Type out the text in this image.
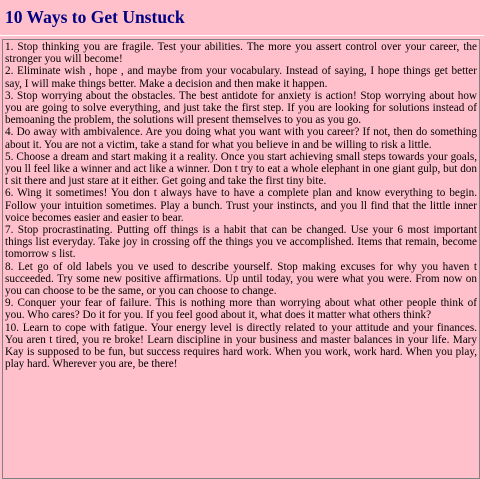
10 Ways to Get Unstuck

1. Stop thinking you are fragile. Test your abilities. The more you assert control over your career, the stronger you will become!

2. Eliminate wish , hope , and maybe from your vocabulary. Instead of saying, I hope things get better say, I will make things better. Make a decision and then make it happen.

3. Stop worrying about the obstacles. The best antidote for anxiety is action! Stop worrying about how you are going to solve everything, and just take the first step. If you are looking for solutions instead of bemoaning the problem, the solutions will present themselves to you as you go.

4. Do away with ambivalence. Are you doing what you want with you career? If not, then do something about it. You are not a victim, take a stand for what you believe in and be willing to risk a little.

5. Choose a dream and start making it a reality. Once you start achieving small steps towards your goals, you ll feel like a winner and act like a winner. Don t try to eat a whole elephant in one giant gulp, but don t sit there and just stare at it either. Get going and take the first tiny bite.

6. Wing it sometimes! You don t always have to have a complete plan and know everything to begin. Follow your intuition sometimes. Play a bunch. Trust your instincts, and you ll find that the little inner voice becomes easier and easier to bear.

7. Stop procrastinating. Putting off things is a habit that can be changed. Use your 6 most important things list everyday. Take joy in crossing off the things you ve accomplished. Items that remain, become tomorrow s list.

8. Let go of old labels you ve used to describe yourself. Stop making excuses for why you haven t succeeded. Try some new positive affirmations. Up until today, you were what you were. From now on you can choose to be the same, or you can choose to change.

9. Conquer your fear of failure. This is nothing more than worrying about what other people think of you. Who cares? Do it for you. If you feel good about it, what does it matter what others think?

10. Learn to cope with fatigue. Your energy level is directly related to your attitude and your finances. You aren t tired, you re broke! Learn discipline in your business and master balances in your life. Mary Kay is supposed to be fun, but success requires hard work. When you work, work hard. When you play, play hard. Wherever you are, be there!
